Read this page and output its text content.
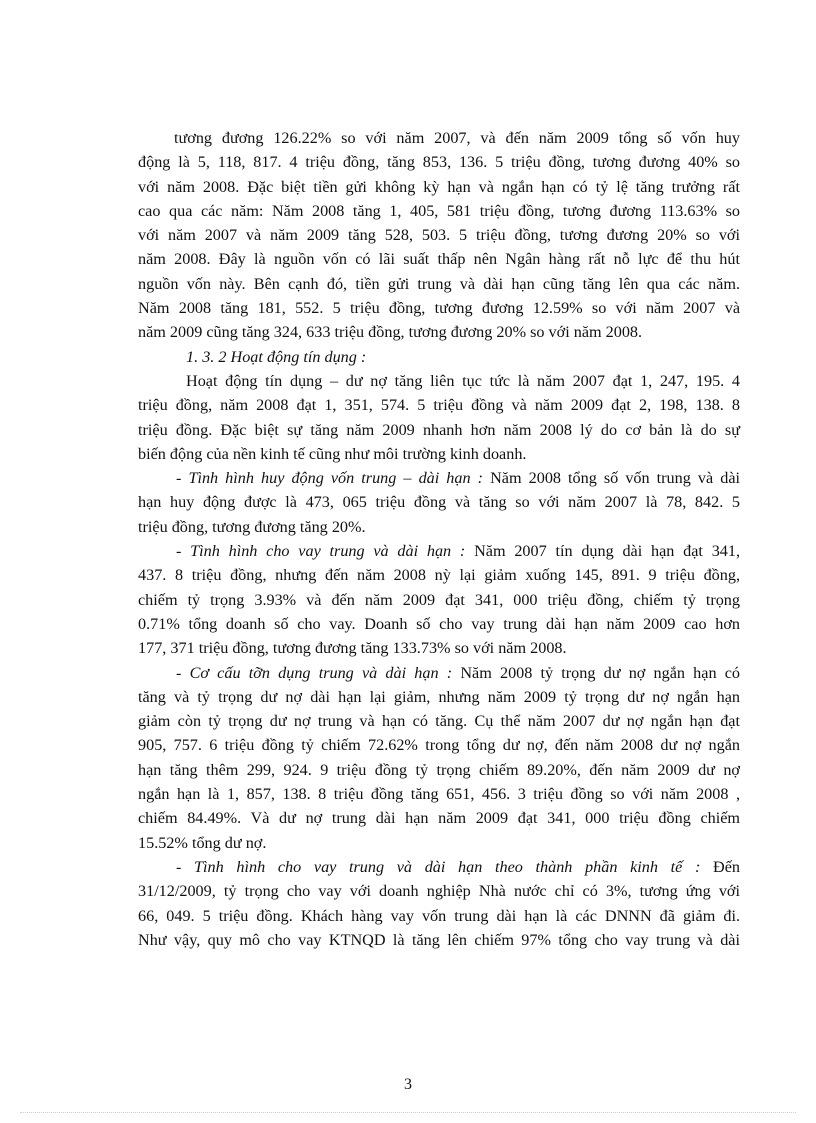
tương đương 126.22% so với năm 2007, và đến năm 2009 tổng số vốn huy
động là 5, 118, 817. 4 triệu đồng, tăng 853, 136. 5 triệu đồng, tương đương 40% so
với năm 2008. Đặc biệt tiền gửi không kỳ hạn và ngắn hạn có tỷ lệ tăng trưởng rất
cao qua các năm: Năm 2008 tăng 1, 405, 581 triệu đồng, tương đương 113.63% so
với năm 2007 và năm 2009 tăng 528, 503. 5 triệu đồng, tương đương 20% so với
năm 2008. Đây là nguồn vốn có lãi suất thấp nên Ngân hàng rất nỗ lực để thu hút
nguồn vốn này. Bên cạnh đó, tiền gửi trung và dài hạn cũng tăng lên qua các năm.
Năm 2008 tăng 181, 552. 5 triệu đồng, tương đương 12.59% so với năm 2007 và
năm 2009 cũng tăng 324, 633 triệu đồng, tương đương 20% so với năm 2008.
1. 3. 2 Hoạt động tín dụng :
Hoạt động tín dụng – dư nợ tăng liên tục tức là năm 2007 đạt 1, 247, 195. 4
triệu đồng, năm 2008 đạt 1, 351, 574. 5 triệu đồng và năm 2009 đạt 2, 198, 138. 8
triệu đồng. Đặc biệt sự tăng năm 2009 nhanh hơn năm 2008 lý do cơ bản là do sự
biến động của nền kinh tế cũng như môi trường kinh doanh.
- Tình hình huy động vốn trung – dài hạn : Năm 2008 tổng số vốn trung và dài
hạn huy động được là 473, 065 triệu đồng và tăng so với năm 2007 là 78, 842. 5
triệu đồng, tương đương tăng 20%.
- Tình hình cho vay trung và dài hạn : Năm 2007 tín dụng dài hạn đạt 341,
437. 8 triệu đồng, nhưng đến năm 2008 nỳ lại giảm xuống 145, 891. 9 triệu đồng,
chiếm tỷ trọng 3.93% và đến năm 2009 đạt 341, 000 triệu đồng, chiếm tỷ trọng
0.71% tổng doanh số cho vay. Doanh số cho vay trung dài hạn năm 2009 cao hơn
177, 371 triệu đồng, tương đương tăng 133.73% so với năm 2008.
- Cơ cấu tỡn dụng trung và dài hạn : Năm 2008 tỷ trọng dư nợ ngắn hạn có
tăng và tỷ trọng dư nợ dài hạn lại giảm, nhưng năm 2009 tỷ trọng dư nợ ngắn hạn
giảm còn tỷ trọng dư nợ trung và hạn có tăng. Cụ thể năm 2007 dư nợ ngắn hạn đạt
905, 757. 6 triệu đồng tỷ chiếm 72.62% trong tổng dư nợ, đến năm 2008 dư nợ ngắn
hạn tăng thêm 299, 924. 9 triệu đồng tỷ trọng chiếm 89.20%, đến năm 2009 dư nợ
ngắn hạn là 1, 857, 138. 8 triệu đồng tăng 651, 456. 3 triệu đồng so với năm 2008 ,
chiếm 84.49%. Và dư nợ trung dài hạn năm 2009 đạt 341, 000 triệu đồng chiếm
15.52% tổng dư nợ.
- Tình hình cho vay trung và dài hạn theo thành phần kinh tế : Đến
31/12/2009, tỷ trọng cho vay với doanh nghiệp Nhà nước chỉ có 3%, tương ứng với
66, 049. 5 triệu đồng. Khách hàng vay vốn trung dài hạn là các DNNN đã giảm đi.
Như vậy, quy mô cho vay KTNQD là tăng lên chiếm 97% tổng cho vay trung và dài
3
